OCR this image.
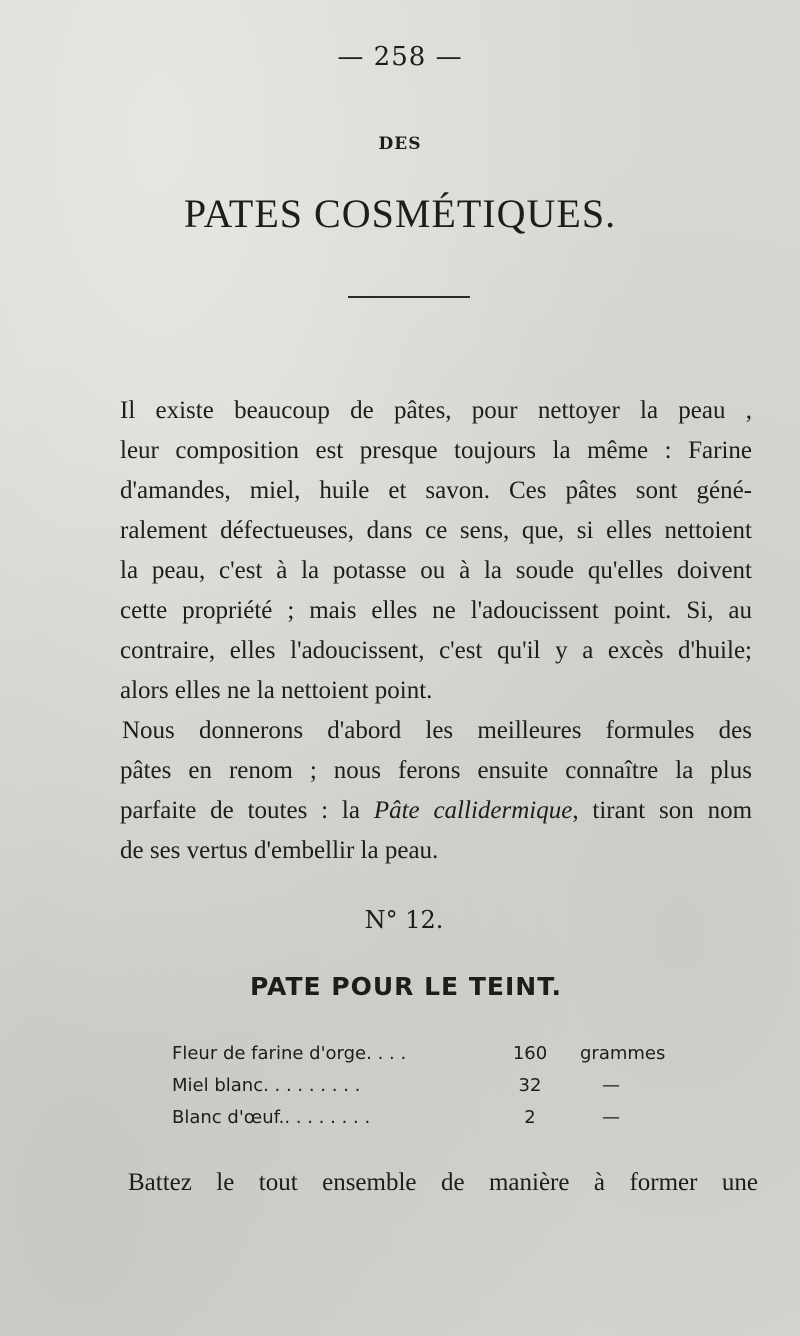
— 258 —
DES
PATES COSMÉTIQUES.
Il existe beaucoup de pâtes, pour nettoyer la peau ,
leur composition est presque toujours la même : Farine
d'amandes, miel, huile et savon. Ces pâtes sont géné-
ralement défectueuses, dans ce sens, que, si elles nettoient
la peau, c'est à la potasse ou à la soude qu'elles doivent
cette propriété ; mais elles ne l'adoucissent point. Si, au
contraire, elles l'adoucissent, c'est qu'il y a excès d'huile;
alors elles ne la nettoient point.
Nous donnerons d'abord les meilleures formules des
pâtes en renom ; nous ferons ensuite connaître la plus
parfaite de toutes : la Pâte callidermique, tirant son nom
de ses vertus d'embellir la peau.
N° 12.
PATE POUR LE TEINT.
Fleur de farine d'orge. . . .	160	grammes
Miel blanc. . . . . . . . .	32	—
Blanc d'œuf.. . . . . . . .	2	—
Battez le tout ensemble de manière à former une
